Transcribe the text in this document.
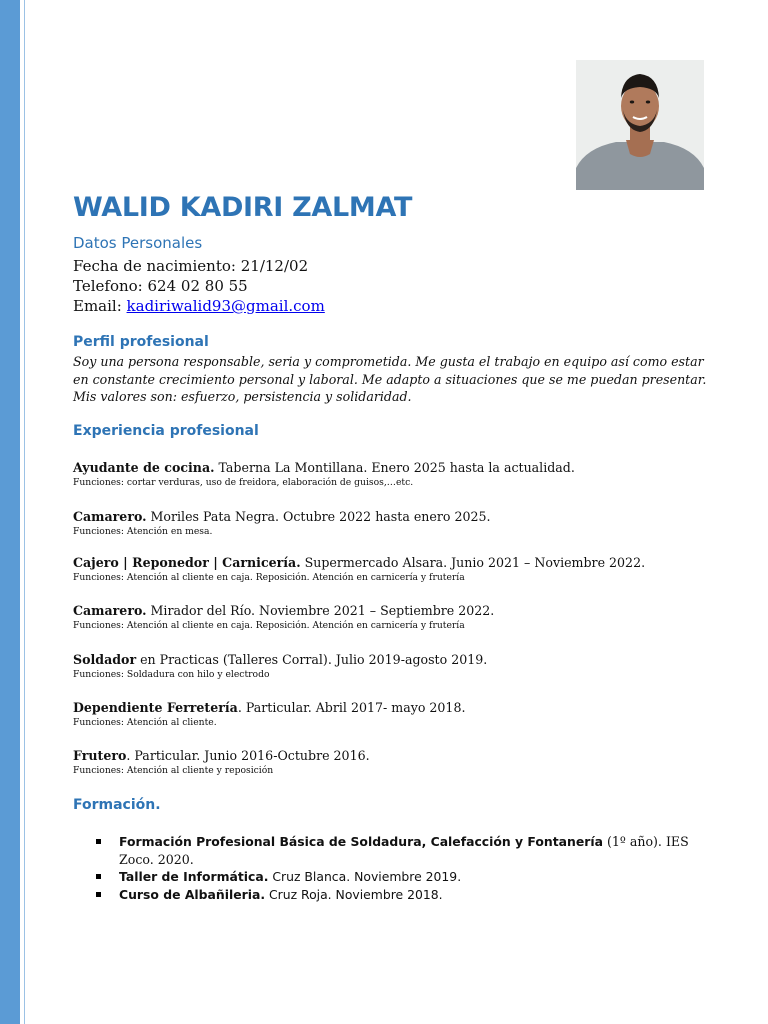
WALID KADIRI ZALMAT
Datos Personales
Fecha de nacimiento: 21/12/02
Telefono: 624 02 80 55
Email: kadiriwalid93@gmail.com
Perfil profesional

Soy una persona responsable, seria y comprometida. Me gusta el trabajo en equipo así como estar en constante crecimiento personal y laboral. Me adapto a situaciones que se me puedan presentar. Mis valores son: esfuerzo, persistencia y solidaridad.

Experiencia profesional
Ayudante de cocina. Taberna La Montillana. Enero 2025 hasta la actualidad.
Funciones: cortar verduras, uso de freidora, elaboración de guisos,…etc.
Camarero. Moriles Pata Negra. Octubre 2022 hasta enero 2025.
Funciones: Atención en mesa.
Cajero | Reponedor | Carnicería. Supermercado Alsara. Junio 2021 – Noviembre 2022.
Funciones: Atención al cliente en caja. Reposición. Atención en carnicería y frutería
Camarero. Mirador del Río. Noviembre 2021 – Septiembre 2022.
Funciones: Atención al cliente en caja. Reposición. Atención en carnicería y frutería
Soldador en Practicas (Talleres Corral). Julio 2019-agosto 2019.
Funciones: Soldadura con hilo y electrodo
Dependiente Ferretería. Particular. Abril 2017- mayo 2018.
Funciones: Atención al cliente.
Frutero. Particular. Junio 2016-Octubre 2016.
Funciones: Atención al cliente y reposición
Formación.
Formación Profesional Básica de Soldadura, Calefacción y Fontanería (1º año). IES Zoco. 2020.
Taller de Informática. Cruz Blanca. Noviembre 2019.
Curso de Albañileria. Cruz Roja. Noviembre 2018.
